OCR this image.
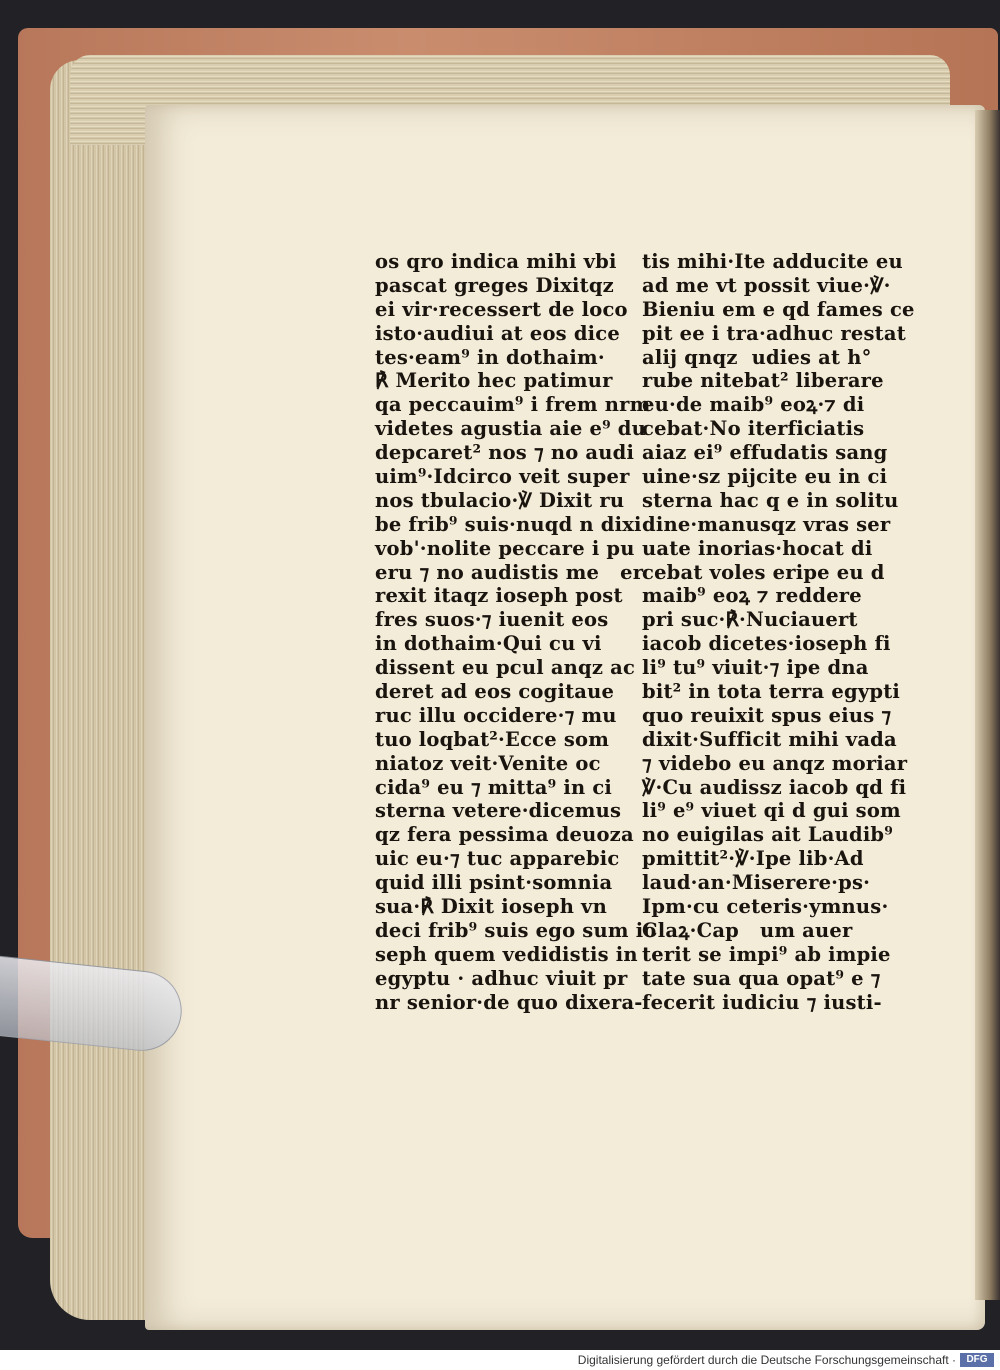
os qro indica mihi vbi
pascat greges Dixitqz
ei vir·recesser͏t de loco
isto·audiui at eos dice
tes·eam⁹ in dothaim·
℟ Merito hec patimur
qa peccauim⁹ i frem nrm
videtes agustia aie e⁹ du
depcaret² nos ⁊ no audi
uim⁹·Idcirco veit super
nos tbulacio·℣ Dixit ru
be frib⁹ suis·nuqd n dixi
vob'·nolite peccare i pu
eru ⁊ no audistis me   er
rexit itaqz ioseph post
fres suos·⁊ iuenit eos
in dothaim·Qui cu vi
dissent eu pcul anqz ac
deret ad eos cogitaue
ruc illu occidere·⁊ mu
tuo loqbat²·Ecce som
niatoz veit·Venite oc
cida⁹ eu ⁊ mitta⁹ in ci
sterna vetere·dicemus
qz fera pessima deuoza
uic eu·⁊ tuc apparebic
quid illi psint·somnia
sua·℟ Dixit ioseph vn
deci frib⁹ suis ego sum io
seph quem vedidistis in
egyptu · adhuc viuit pr
nr senior·de quo dixera-
tis mihi·Ite adducite eu
ad me vt possit viue·℣·
Bieniu em e qd fames ce
pit ee i tra·adhuc restat
alij qnqz  udies at h°
rube nitebat² liberare
eu·de maib⁹ eoꝝ·⁊ di
cebat·No iterficiatis
aiaz ei⁹ effudatis sang
uine·sz pijcite eu in ci
sterna hac q e in solitu
dine·manusqz vras ser
uate inorias·hocat di
cebat voles eripe eu d
maib⁹ eoꝝ ⁊ reddere
pri suc·℟·Nuciauert
iacob dicetes·ioseph fi
li⁹ tu⁹ viuit·⁊ ipe dna
bit² in tota terra egypti
quo reuixit spus eius ⁊
dixit·Sufficit mihi vada
⁊ videbo eu anqz moriar
℣·Cu audissz iacob qd fi
li⁹ e⁹ viuet qi d gui som
no euigilas ait Laudib⁹
pmittit²·℣·Ipe lib·Ad
laud·an·Miserere·ps·
Ipm·cu ceteris·ymnus·
Claꝝ·Cap   um auer
terit se impi⁹ ab impie
tate sua qua opat⁹ e ⁊
fecerit iudiciu ⁊ iusti-
Digitalisierung gefördert durch die Deutsche Forschungsgemeinschaft ·	DFG
